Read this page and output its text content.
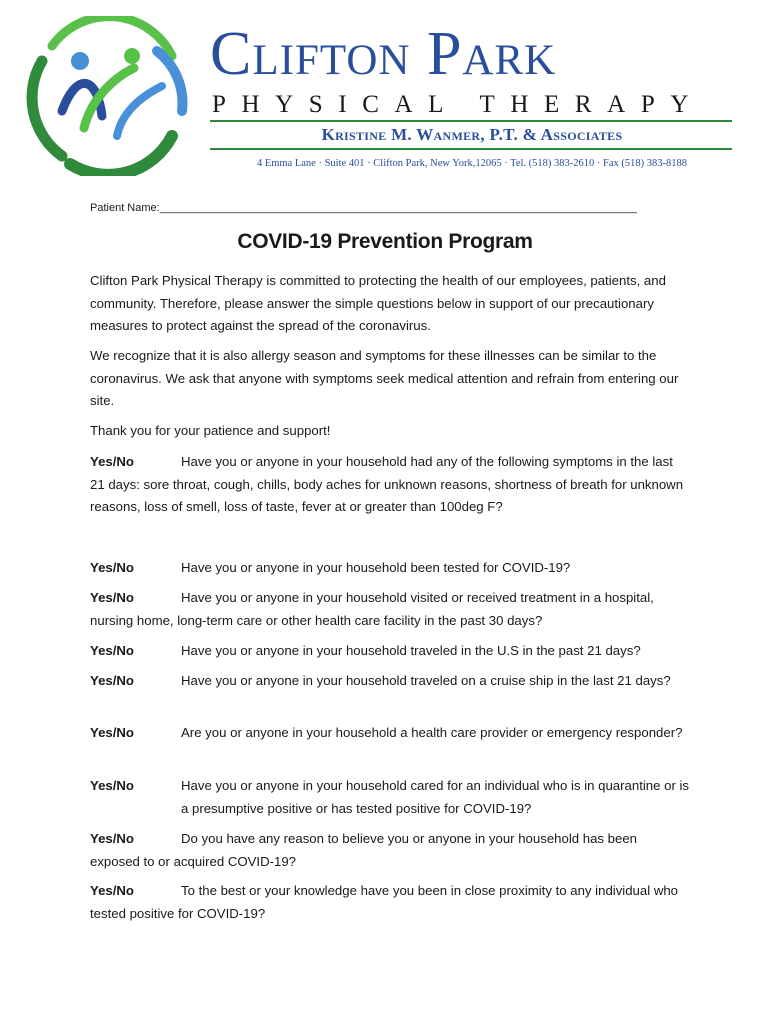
Clifton Park
PHYSICAL THERAPY
Kristine M. Wanmer, P.T. & Associates
4 Emma Lane · Suite 401 · Clifton Park, New York,12065 · Tel. (518) 383-2610 · Fax (518) 383-8188
Patient Name:______________________________________________________________________________
COVID-19 Prevention Program
Clifton Park Physical Therapy is committed to protecting the health of our employees, patients, and community. Therefore, please answer the simple questions below in support of our precautionary measures to protect against the spread of the coronavirus.
We recognize that it is also allergy season and symptoms for these illnesses can be similar to the coronavirus. We ask that anyone with symptoms seek medical attention and refrain from entering our site.
Thank you for your patience and support!
Yes/No	Have you or anyone in your household had any of the following symptoms in the last 21 days: sore throat, cough, chills, body aches for unknown reasons, shortness of breath for unknown reasons, loss of smell, loss of taste, fever at or greater than 100deg F?
Yes/No	Have you or anyone in your household been tested for COVID-19?
Yes/No	Have you or anyone in your household visited or received treatment in a hospital, nursing home, long-term care or other health care facility in the past 30 days?
Yes/No	Have you or anyone in your household traveled in the U.S in the past 21 days?
Yes/No	Have you or anyone in your household traveled on a cruise ship in the last 21 days?
Yes/No	Are you or anyone in your household a health care provider or emergency responder?
Yes/No	Have you or anyone in your household cared for an individual who is in quarantine or is a presumptive positive or has tested positive for COVID-19?
Yes/No	Do you have any reason to believe you or anyone in your household has been exposed to or acquired COVID-19?
Yes/No	To the best or your knowledge have you been in close proximity to any individual who tested positive for COVID-19?
